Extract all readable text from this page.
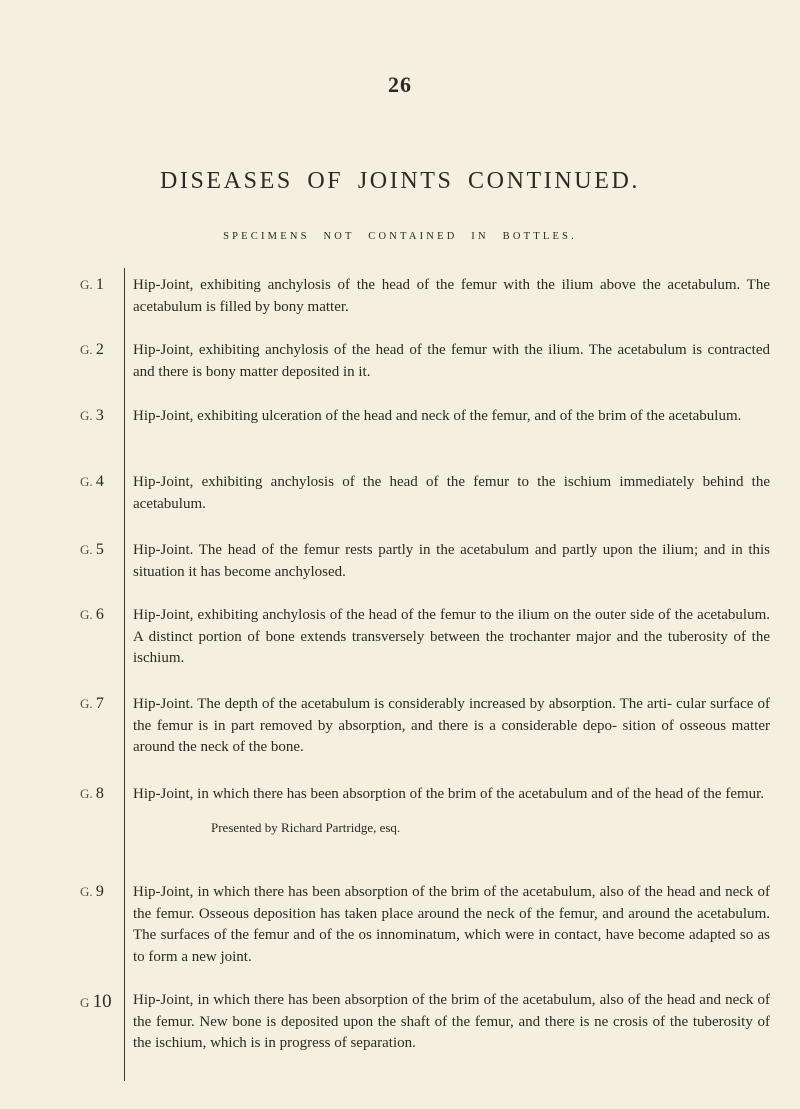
26
DISEASES OF JOINTS CONTINUED.
SPECIMENS NOT CONTAINED IN BOTTLES.
G. 1	Hip-Joint, exhibiting anchylosis of the head of the femur with the ilium above the acetabulum. The acetabulum is filled by bony matter.

G. 2	Hip-Joint, exhibiting anchylosis of the head of the femur with the ilium. The acetabulum is contracted and there is bony matter deposited in it.

G. 3	Hip-Joint, exhibiting ulceration of the head and neck of the femur, and of the brim of the acetabulum.

G. 4	Hip-Joint, exhibiting anchylosis of the head of the femur to the ischium immediately behind the acetabulum.

G. 5	Hip-Joint. The head of the femur rests partly in the acetabulum and partly upon the ilium; and in this situation it has become anchylosed.

G. 6	Hip-Joint, exhibiting anchylosis of the head of the femur to the ilium on the outer side of the acetabulum. A distinct portion of bone extends transversely between the trochanter major and the tuberosity of the ischium.

G. 7	Hip-Joint. The depth of the acetabulum is considerably increased by absorption. The arti- cular surface of the femur is in part removed by absorption, and there is a considerable depo- sition of osseous matter around the neck of the bone.

G. 8	Hip-Joint, in which there has been absorption of the brim of the acetabulum and of the head of the femur.

Presented by Richard Partridge, esq.
G. 9	Hip-Joint, in which there has been absorption of the brim of the acetabulum, also of the head and neck of the femur. Osseous deposition has taken place around the neck of the femur, and around the acetabulum. The surfaces of the femur and of the os innominatum, which were in contact, have become adapted so as to form a new joint.

G 10	Hip-Joint, in which there has been absorption of the brim of the acetabulum, also of the head and neck of the femur. New bone is deposited upon the shaft of the femur, and there is ne crosis of the tuberosity of the ischium, which is in progress of separation.
